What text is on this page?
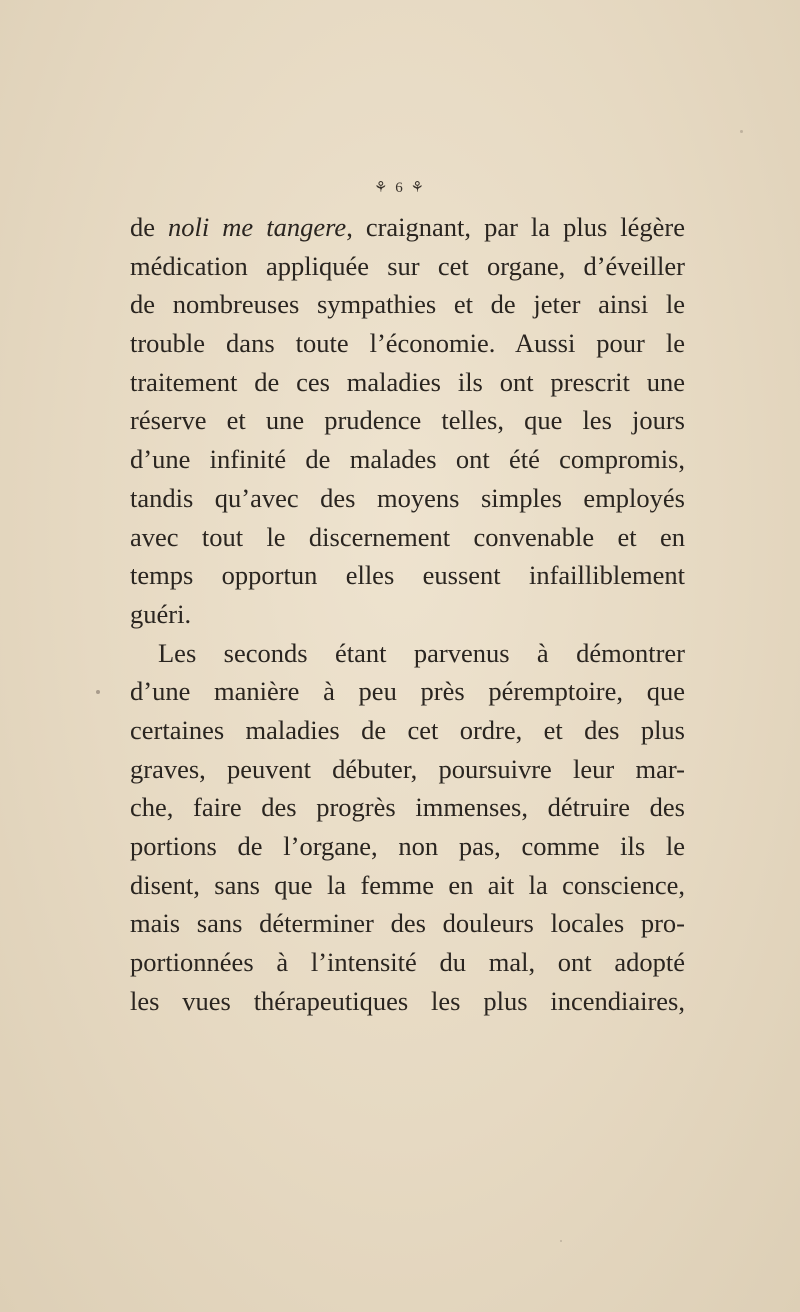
⚘ 6 ⚘
de noli me tangere, craignant, par la plus légère
médication appliquée sur cet organe, d’éveiller
de nombreuses sympathies et de jeter ainsi le
trouble dans toute l’économie. Aussi pour le
traitement de ces maladies ils ont prescrit une
réserve et une prudence telles, que les jours
d’une infinité de malades ont été compromis,
tandis qu’avec des moyens simples employés
avec tout le discernement convenable et en
temps opportun elles eussent infailliblement
guéri.
Les seconds étant parvenus à démontrer
d’une manière à peu près péremptoire, que
certaines maladies de cet ordre, et des plus
graves, peuvent débuter, poursuivre leur mar-
che, faire des progrès immenses, détruire des
portions de l’organe, non pas, comme ils le
disent, sans que la femme en ait la conscience,
mais sans déterminer des douleurs locales pro-
portionnées à l’intensité du mal, ont adopté
les vues thérapeutiques les plus incendiaires,
